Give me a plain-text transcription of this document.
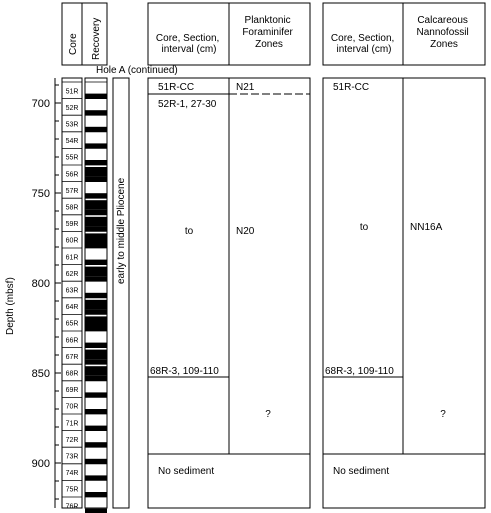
Core Recovery	Core, Section, interval (cm)
Planktonic Foraminifer Zones
Core, Section, interval (cm)
Calcareous Nannofossil Zones
Hole A (continued)
Depth (mbsf)
700
750
800
850
900
51R
52R
53R
54R
55R
56R
57R
58R
59R
60R
61R
62R
63R
64R
65R
66R
67R
68R
69R
70R
71R
72R
73R
74R
75R
76R
early to middle Pliocene
51R-CC	N21
52R-1, 27-30
to	N20
68R-3, 109-110
?
No sediment
51R-CC
to	NN16A
68R-3, 109-110
?
No sediment
